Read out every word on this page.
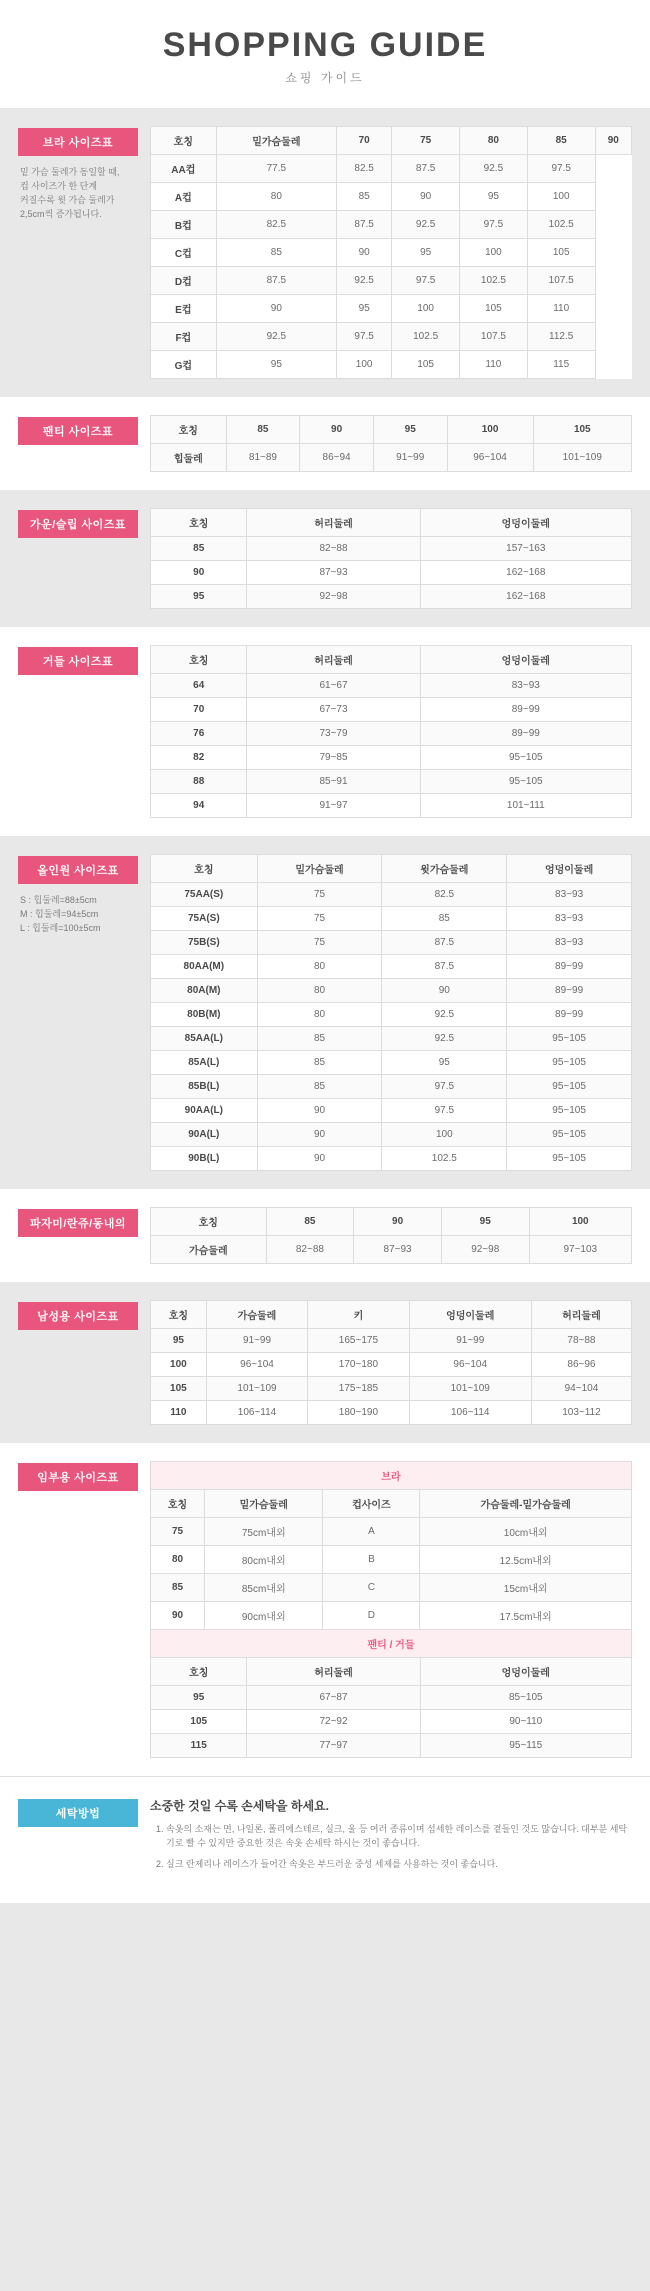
SHOPPING GUIDE
쇼핑 가이드
브라 사이즈표
밑 가슴 둘레가 동일할 때,
컵 사이즈가 한 단계
커질수록 윗 가슴 둘레가
2,5cm씩 증가됩니다.
호칭	밑가슴둘레	70	75	80	85	90
AA컵	77.5	82.5	87.5	92.5	97.5	
A컵	80	85	90	95	100	
B컵	82.5	87.5	92.5	97.5	102.5	
C컵	85	90	95	100	105	
D컵	87.5	92.5	97.5	102.5	107.5	
E컵	90	95	100	105	110	
F컵	92.5	97.5	102.5	107.5	112.5	
G컵	95	100	105	110	115	
팬티 사이즈표	호칭	85	90	95	100	105
힙둘레	81~89	86~94	91~99	96~104	101~109
가운/슬립 사이즈표	호칭	허리둘레	엉덩이둘레
85	82~88	157~163
90	87~93	162~168
95	92~98	162~168
거들 사이즈표	호칭	허리둘레	엉덩이둘레
64	61~67	83~93
70	67~73	89~99
76	73~79	89~99
82	79~85	95~105
88	85~91	95~105
94	91~97	101~111
올인원 사이즈표
S : 힙둘레=88±5cm
M : 힙둘레=94±5cm
L : 힙둘레=100±5cm
호칭	밑가슴둘레	윗가슴둘레	엉덩이둘레
75AA(S)	75	82.5	83~93
75A(S)	75	85	83~93
75B(S)	75	87.5	83~93
80AA(M)	80	87.5	89~99
80A(M)	80	90	89~99
80B(M)	80	92.5	89~99
85AA(L)	85	92.5	95~105
85A(L)	85	95	95~105
85B(L)	85	97.5	95~105
90AA(L)	90	97.5	95~105
90A(L)	90	100	95~105
90B(L)	90	102.5	95~105
파자미/란쥬/동내의	호칭	85	90	95	100
가슴둘레	82~88	87~93	92~98	97~103
남성용 사이즈표	호칭	가슴둘레	키	엉덩이둘레	허리둘레
95	91~99	165~175	91~99	78~88
100	96~104	170~180	96~104	86~96
105	101~109	175~185	101~109	94~104
110	106~114	180~190	106~114	103~112
임부용 사이즈표	브라			
호칭	밑가슴둘레	컵사이즈	가슴둘레-밑가슴둘레
75	75cm내외	A	10cm내외
80	80cm내외	B	12.5cm내외
85	85cm내외	C	15cm내외
90	90cm내외	D	17.5cm내외
팬티 / 거들		
호칭	허리둘레	엉덩이둘레
95	67~87	85~105
105	72~92	90~110
115	77~97	95~115
세탁방법
소중한 것일 수록 손세탁을 하세요.
1. 속옷의 소재는 면, 나일론, 폴리에스테르, 실크, 울 등 여러 종류이며 섬세한 레이스를 곁들인 것도 많습니다. 대부분 세탁기로 빨 수 있지만 중요한 것은 속옷 손세탁 하시는 것이 좋습니다.
2. 실크 란제리나 레이스가 들어간 속옷은 부드러운 중성 세제를 사용하는 것이 좋습니다.
